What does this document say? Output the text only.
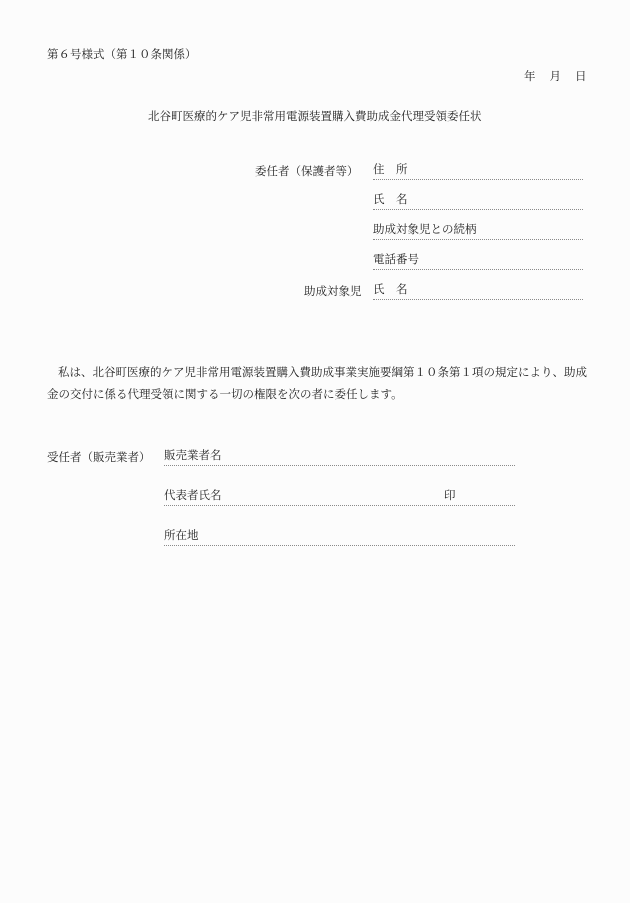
第６号様式（第１０条関係）
年 月 日
北谷町医療的ケア児非常用電源装置購入費助成金代理受領委任状
委任者（保護者等） 住　所
氏　名
助成対象児との続柄
電話番号
助成対象児 氏　名
私は、北谷町医療的ケア児非常用電源装置購入費助成事業実施要綱第１０条第１項の規定により、助成金の交付に係る代理受領に関する一切の権限を次の者に委任します。
受任者（販売業者） 販売業者名
代表者氏名	印
所在地
